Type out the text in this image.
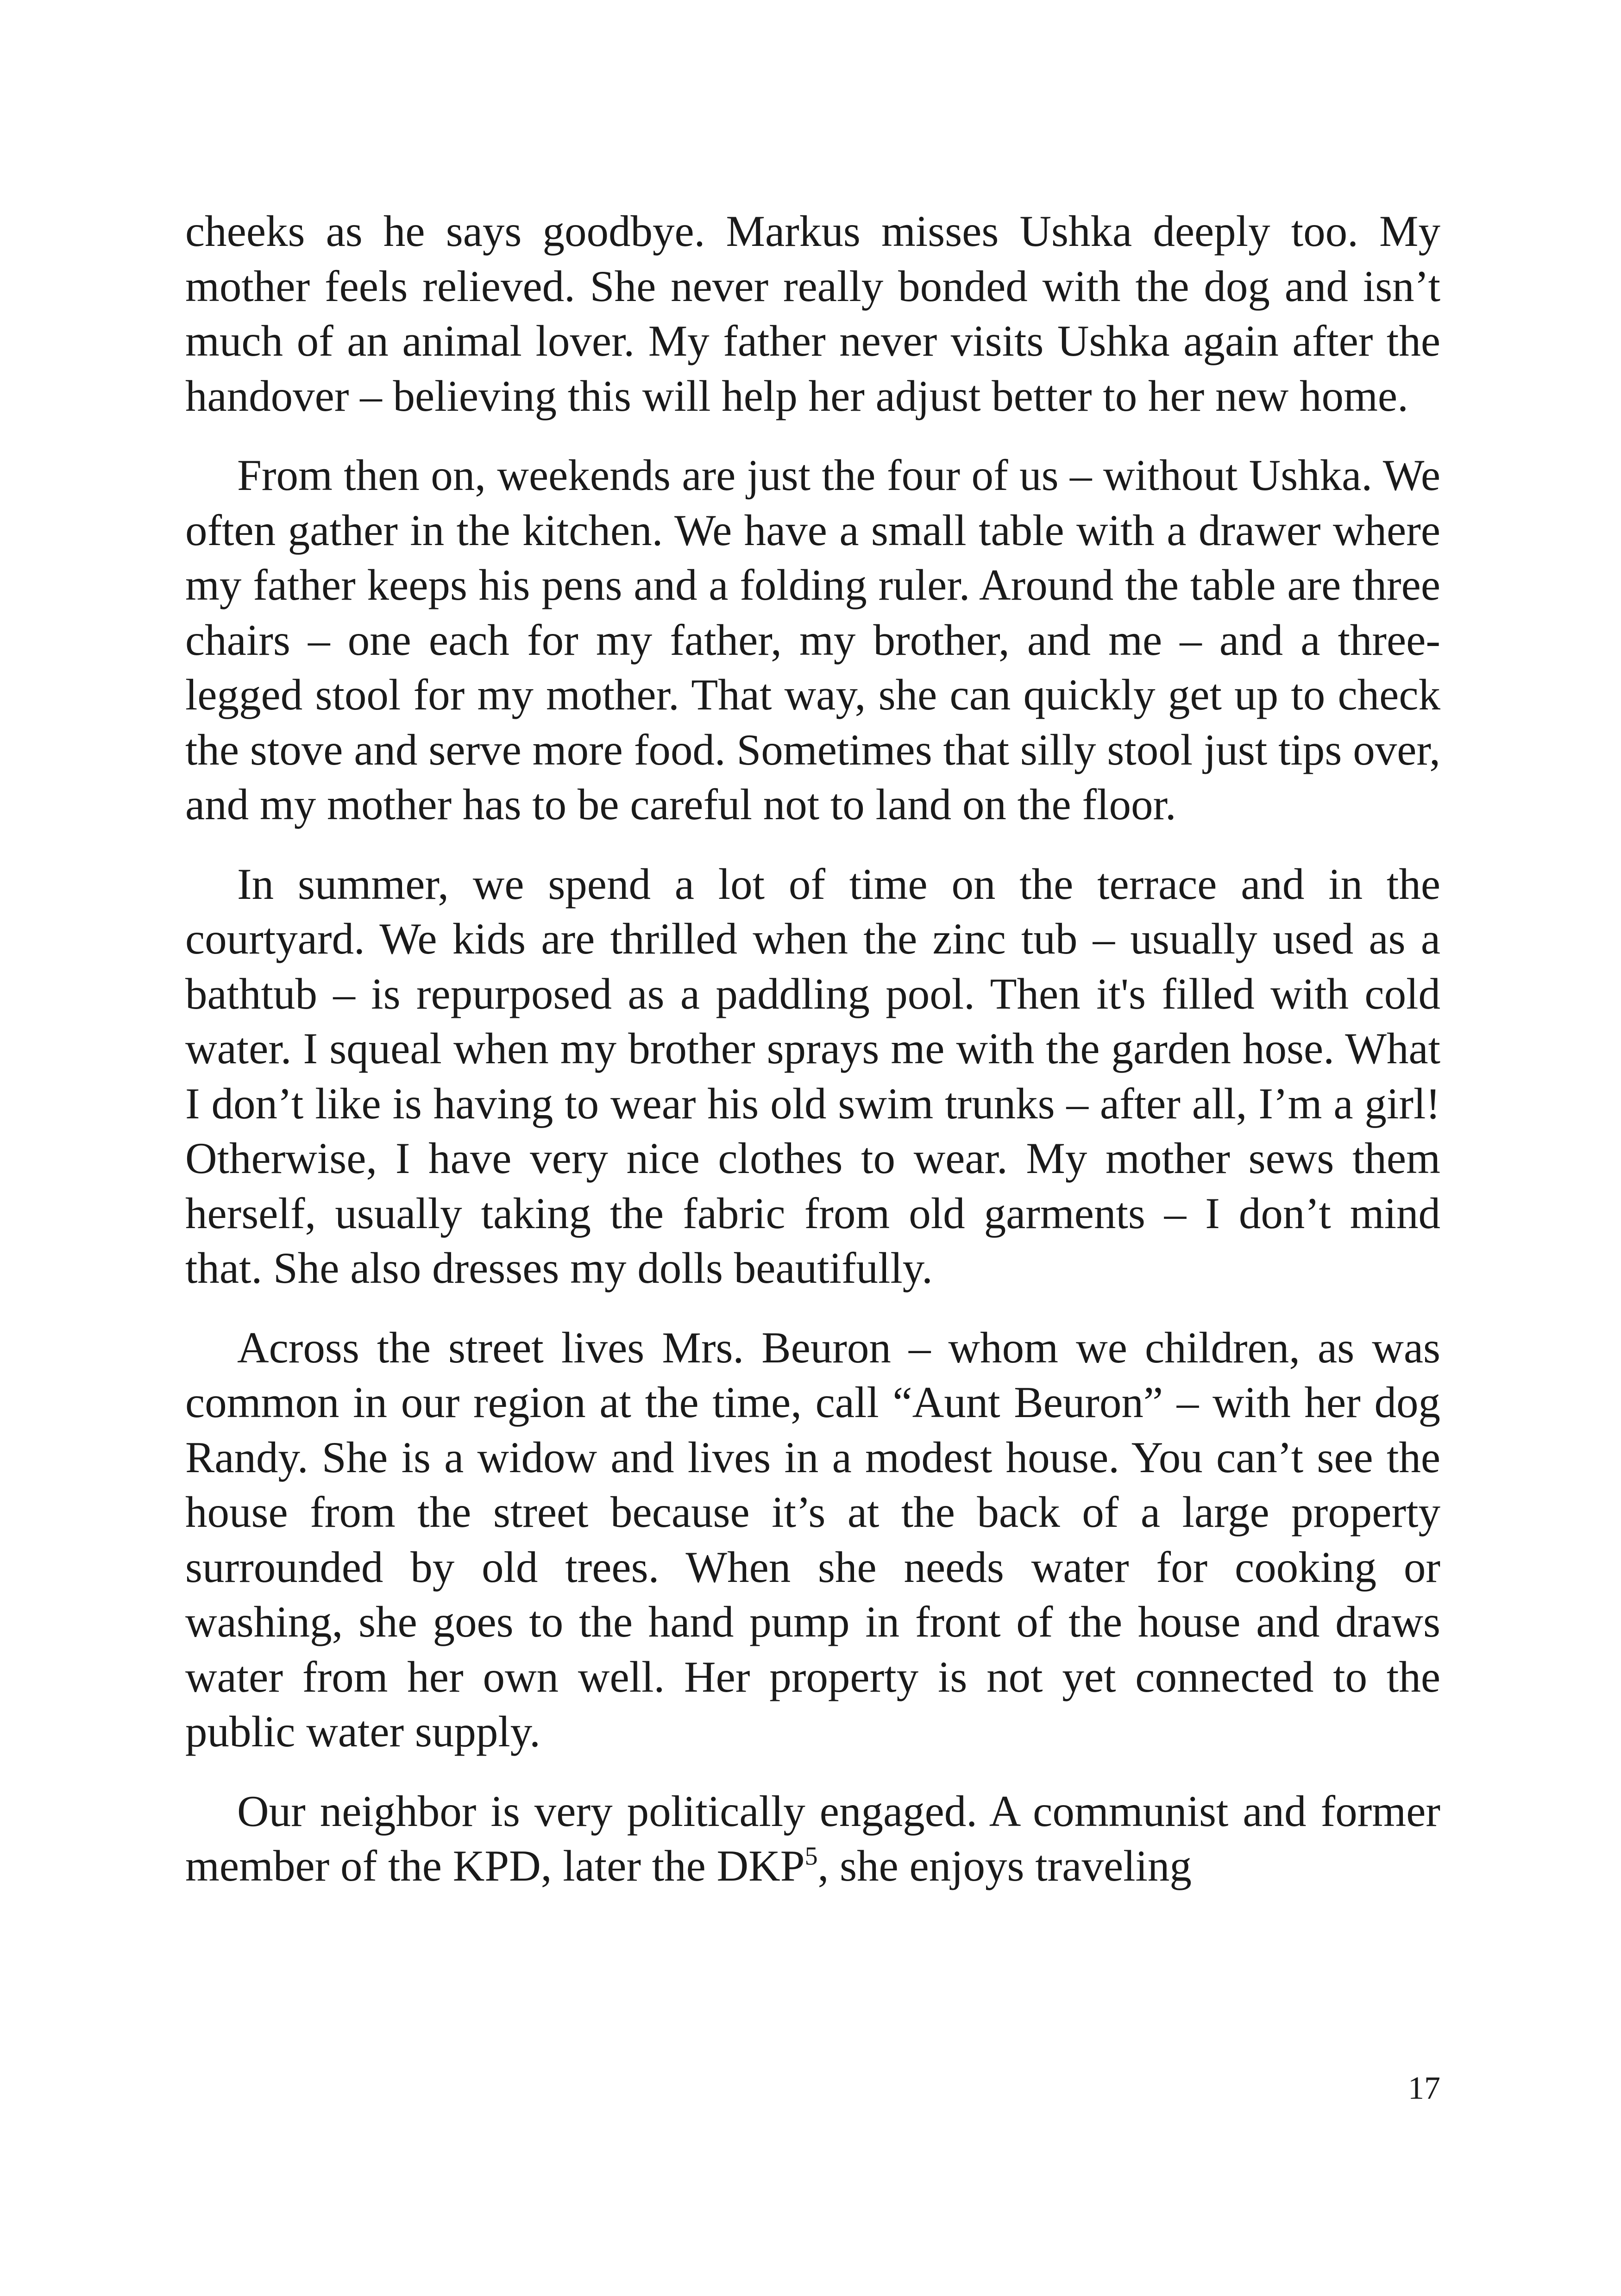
cheeks as he says goodbye. Markus misses Ushka deeply too. My mother feels relieved. She never really bonded with the dog and isn’t much of an animal lover. My father never visits Ushka again after the handover – believing this will help her adjust better to her new home.

From then on, weekends are just the four of us – without Ushka. We often gather in the kitchen. We have a small table with a drawer where my father keeps his pens and a folding ruler. Around the table are three chairs – one each for my father, my brother, and me – and a three-legged stool for my mother. That way, she can quickly get up to check the stove and serve more food. Sometimes that silly stool just tips over, and my mother has to be careful not to land on the floor.

In summer, we spend a lot of time on the terrace and in the courtyard. We kids are thrilled when the zinc tub – usually used as a bathtub – is repurposed as a paddling pool. Then it's filled with cold water. I squeal when my brother sprays me with the garden hose. What I don’t like is having to wear his old swim trunks – after all, I’m a girl! Otherwise, I have very nice clothes to wear. My mother sews them herself, usually taking the fabric from old garments – I don’t mind that. She also dresses my dolls beautifully.

Across the street lives Mrs. Beuron – whom we children, as was common in our region at the time, call “Aunt Beuron” – with her dog Randy. She is a widow and lives in a modest house. You can’t see the house from the street because it’s at the back of a large property surrounded by old trees. When she needs water for cooking or washing, she goes to the hand pump in front of the house and draws water from her own well. Her property is not yet connected to the public water supply.

Our neighbor is very politically engaged. A communist and former member of the KPD, later the DKP$^5$, she enjoys traveling

17
